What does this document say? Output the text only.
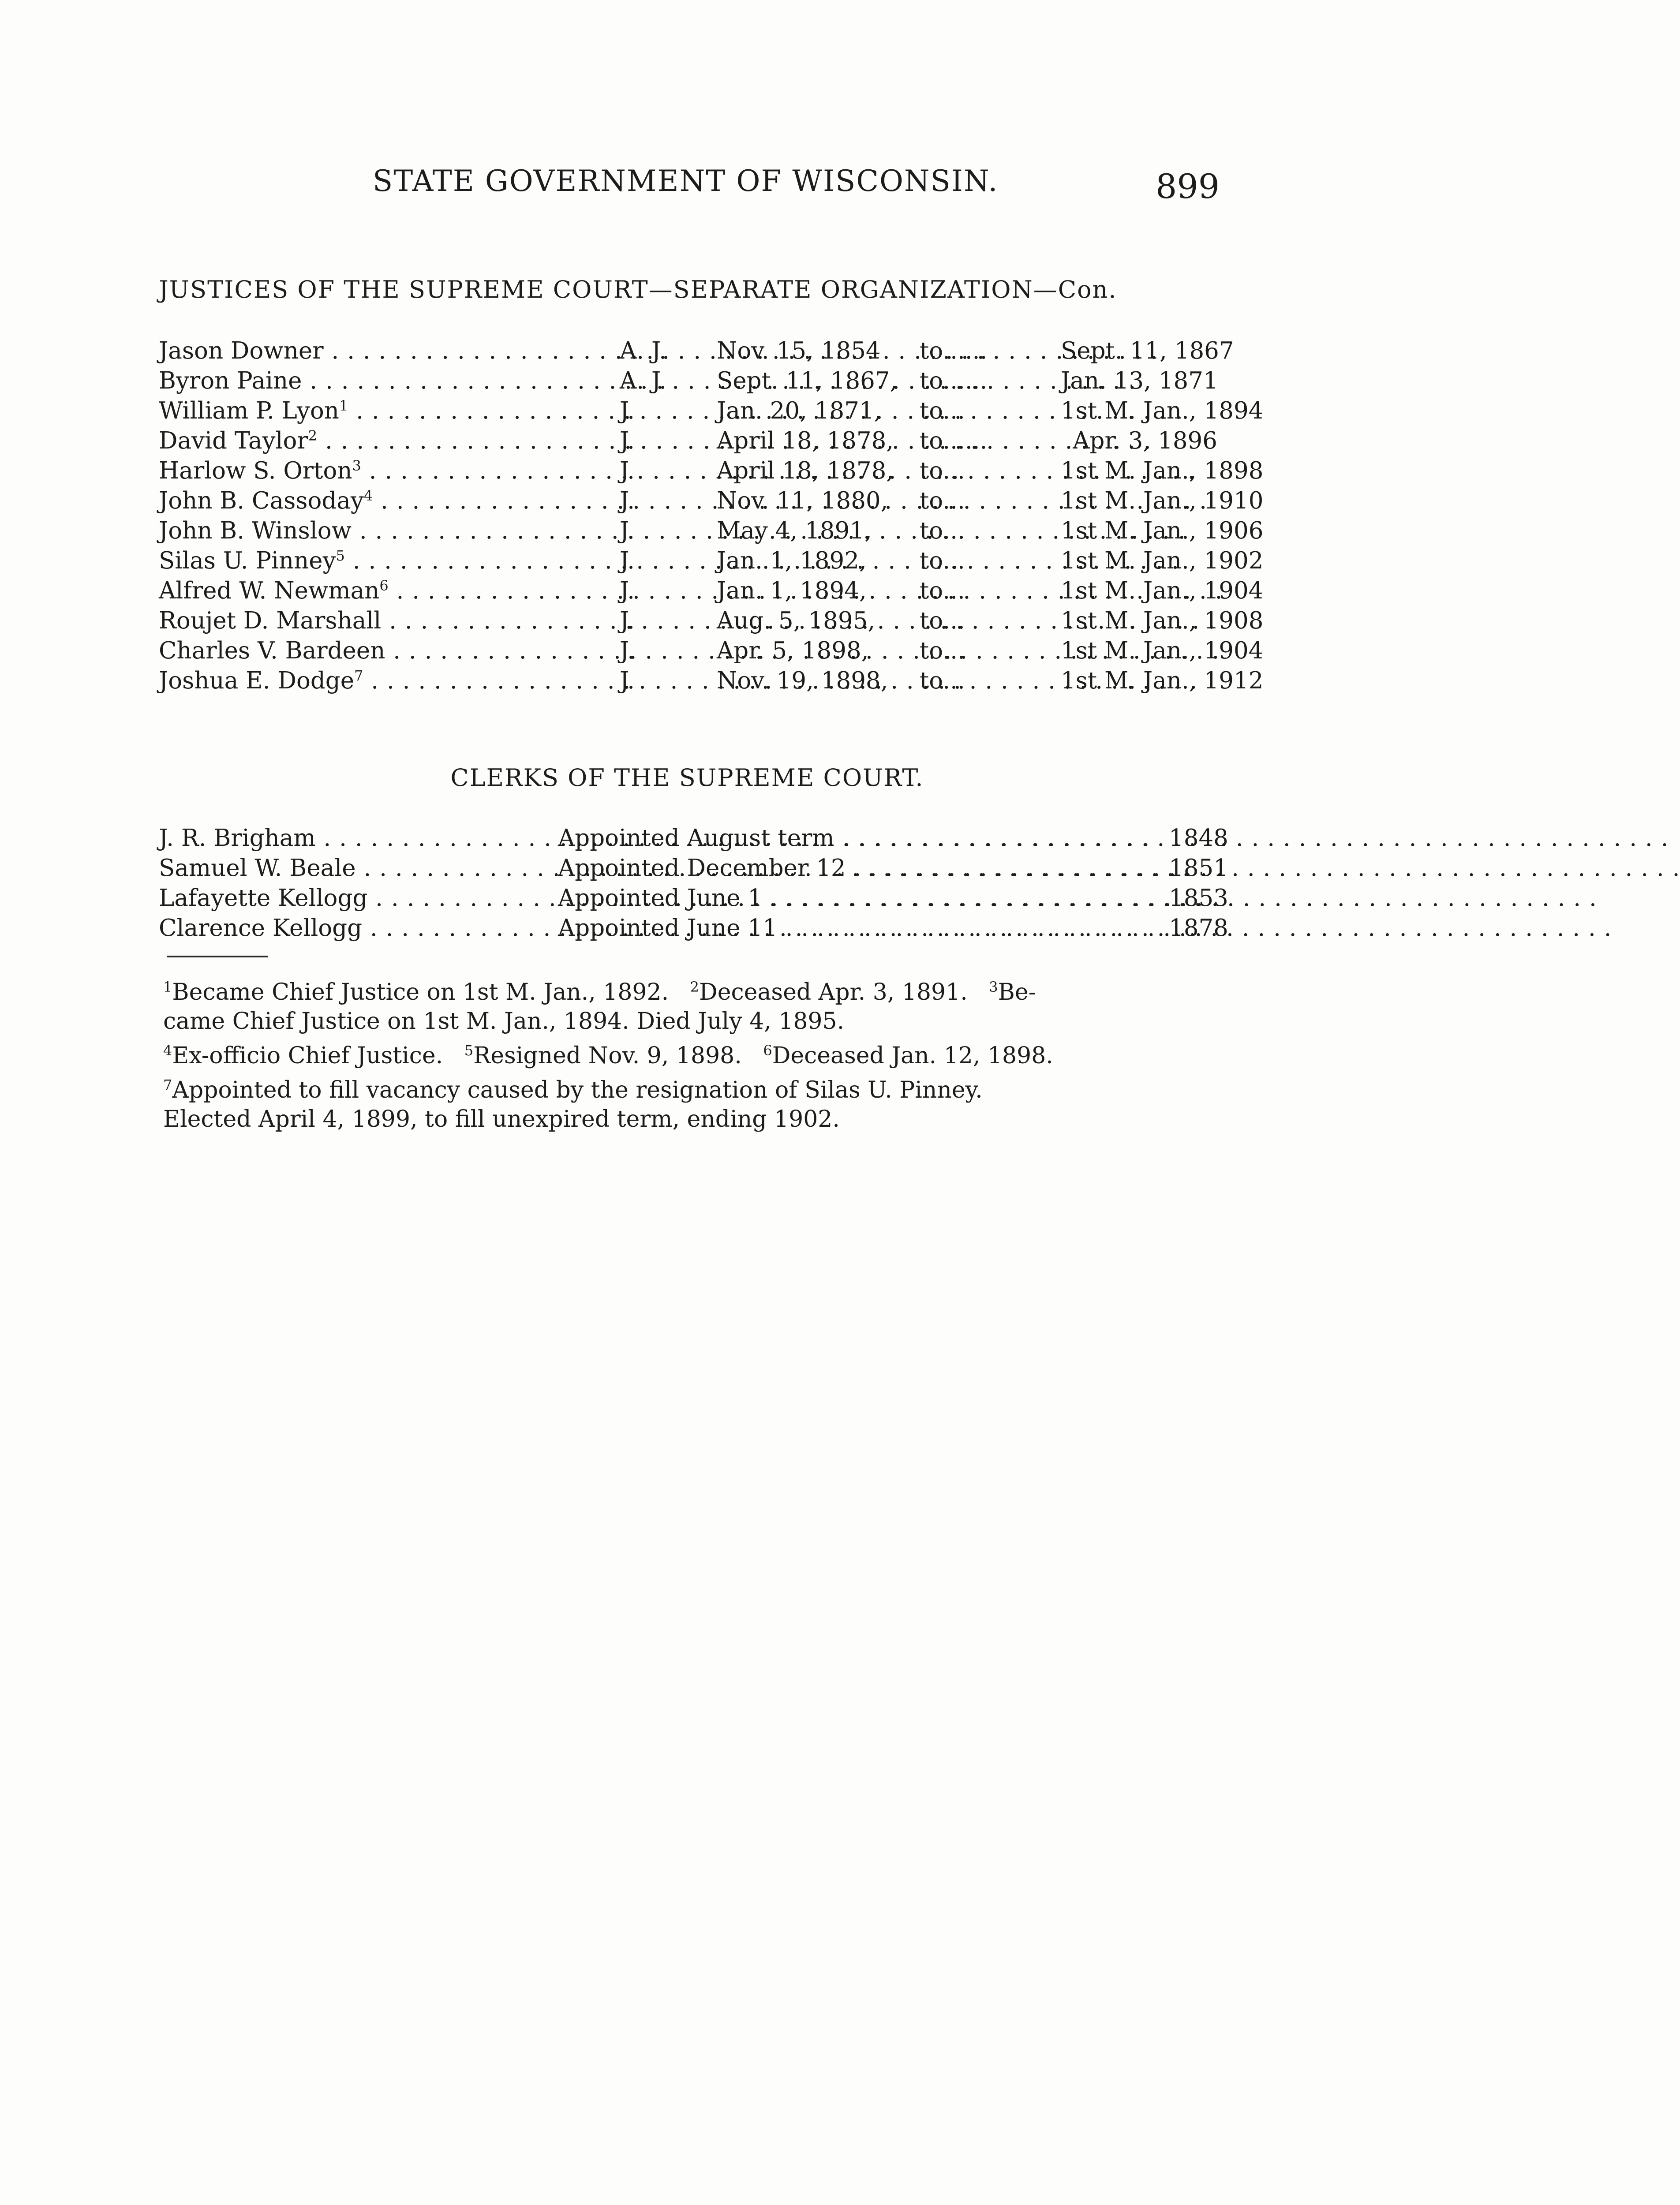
STATE GOVERNMENT OF WISCONSIN.	899
JUSTICES OF THE SUPREME COURT—SEPARATE ORGANIZATION—Con.
Jason Downer . . .	A. J.	Nov. 15, 1854	to......	Sept. 11, 1867
Byron Paine . . .	A. J.	Sept. 11, 1867, to......	Jan. 13, 1871
William P. Lyon$^1$ . . .	J.	Jan. 20, 1871,	to...	1st M. Jan., 1894
David Taylor$^2$ . . .	J.	April 18, 1878, to......	Apr. 3, 1896
Harlow S. Orton$^3$ . . .	J.	April 18, 1878, to...	1st M. Jan., 1898
John B. Cassoday$^4$ . . .	J.	Nov. 11, 1880,	to...	1st M. Jan., 1910
John B. Winslow . . .	J.	May 4, 1891,	to...	1st M. Jan., 1906
Silas U. Pinney$^5$ . . .	J.	Jan. 1, 1892,	to...	1st M. Jan., 1902
Alfred W. Newman$^6$ . . .	J.	Jan. 1, 1894,	to...	1st M. Jan., 1904
Roujet D. Marshall . . .	J.	Aug. 5, 1895,	to...	1st M. Jan., 1908
Charles V. Bardeen . . .	J.	Apr. 5, 1898,	to...	1st M. Jan., 1904
Joshua E. Dodge$^7$ . . .	J.	Nov. 19, 1898,	to...	1st M. Jan., 1912
CLERKS OF THE SUPREME COURT.
J. R. Brigham . . .	Appointed August term . . .	1848
Samuel W. Beale . . .	Appointed December 12 . . .	1851
Lafayette Kellogg . . .	Appointed June 1 . . .	1853
Clarence Kellogg . . .	Appointed June 11 . . .	1878
$^1$Became Chief Justice on 1st M. Jan., 1892. $^2$Deceased Apr. 3, 1891. $^3$Be-
came Chief Justice on 1st M. Jan., 1894. Died July 4, 1895.
$^4$Ex-officio Chief Justice. $^5$Resigned Nov. 9, 1898. $^6$Deceased Jan. 12, 1898.
$^7$Appointed to fill vacancy caused by the resignation of Silas U. Pinney.
Elected April 4, 1899, to fill unexpired term, ending 1902.
